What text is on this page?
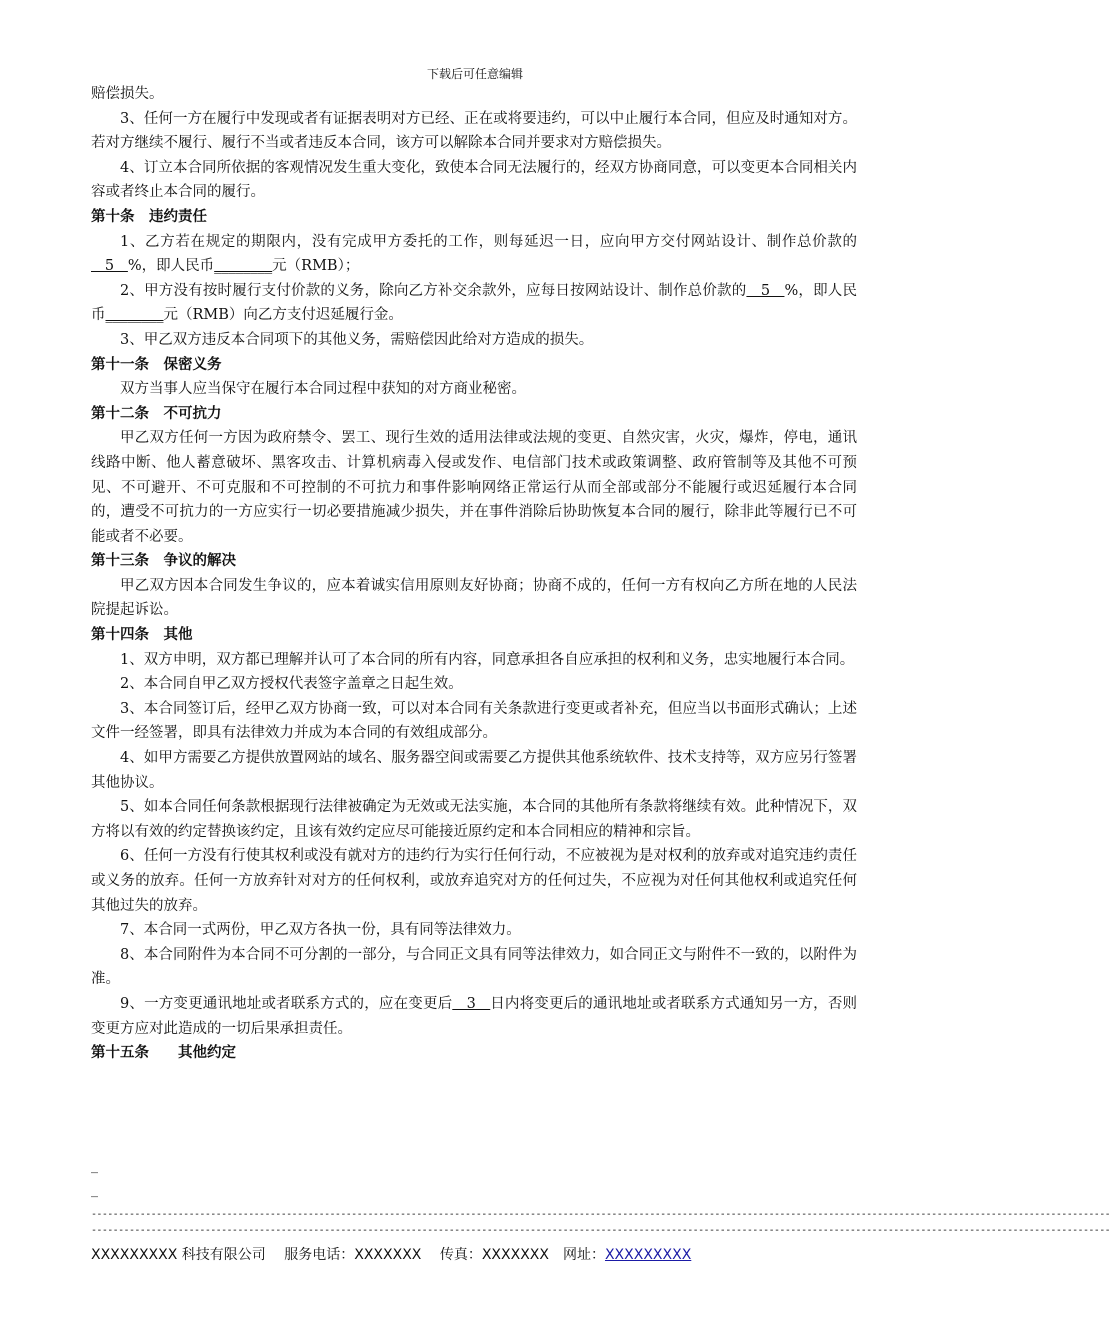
下载后可任意编辑

赔偿损失。

3、任何一方在履行中发现或者有证据表明对方已经、正在或将要违约，可以中止履行本合同，但应及时通知对方。若对方继续不履行、履行不当或者违反本合同，该方可以解除本合同并要求对方赔偿损失。

4、订立本合同所依据的客观情况发生重大变化，致使本合同无法履行的，经双方协商同意，可以变更本合同相关内容或者终止本合同的履行。

第十条　违约责任

1、乙方若在规定的期限内，没有完成甲方委托的工作，则每延迟一日，应向甲方交付网站设计、制作总价款的   5   %，即人民币________元（RMB）；

2、甲方没有按时履行支付价款的义务，除向乙方补交余款外，应每日按网站设计、制作总价款的   5   %，即人民币________元（RMB）向乙方支付迟延履行金。

3、甲乙双方违反本合同项下的其他义务，需赔偿因此给对方造成的损失。

第十一条　保密义务

双方当事人应当保守在履行本合同过程中获知的对方商业秘密。

第十二条　不可抗力

甲乙双方任何一方因为政府禁令、罢工、现行生效的适用法律或法规的变更、自然灾害，火灾，爆炸，停电，通讯线路中断、他人蓄意破坏、黑客攻击、计算机病毒入侵或发作、电信部门技术或政策调整、政府管制等及其他不可预见、不可避开、不可克服和不可控制的不可抗力和事件影响网络正常运行从而全部或部分不能履行或迟延履行本合同的，遭受不可抗力的一方应实行一切必要措施减少损失，并在事件消除后协助恢复本合同的履行，除非此等履行已不可能或者不必要。

第十三条　争议的解决

甲乙双方因本合同发生争议的，应本着诚实信用原则友好协商；协商不成的，任何一方有权向乙方所在地的人民法院提起诉讼。

第十四条　其他

1、双方申明，双方都已理解并认可了本合同的所有内容，同意承担各自应承担的权利和义务，忠实地履行本合同。

2、本合同自甲乙双方授权代表签字盖章之日起生效。

3、本合同签订后，经甲乙双方协商一致，可以对本合同有关条款进行变更或者补充，但应当以书面形式确认；上述文件一经签署，即具有法律效力并成为本合同的有效组成部分。

4、如甲方需要乙方提供放置网站的域名、服务器空间或需要乙方提供其他系统软件、技术支持等，双方应另行签署其他协议。

5、如本合同任何条款根据现行法律被确定为无效或无法实施，本合同的其他所有条款将继续有效。此种情况下，双方将以有效的约定替换该约定，且该有效约定应尽可能接近原约定和本合同相应的精神和宗旨。

6、任何一方没有行使其权利或没有就对方的违约行为实行任何行动，不应被视为是对权利的放弃或对追究违约责任或义务的放弃。任何一方放弃针对对方的任何权利，或放弃追究对方的任何过失，不应视为对任何其他权利或追究任何其他过失的放弃。

7、本合同一式两份，甲乙双方各执一份，具有同等法律效力。

8、本合同附件为本合同不可分割的一部分，与合同正文具有同等法律效力，如合同正文与附件不一致的，以附件为准。

9、一方变更通讯地址或者联系方式的，应在变更后   3   日内将变更后的通讯地址或者联系方式通知另一方，否则变更方应对此造成的一切后果承担责任。

第十五条　　其他约定

_
_
--------------------------------------------------------------------------------------------------------------------------------------------------------------------------------------------
--------------------------------------------------------------------------------------------------------------------------------------------------------------------------------------------
XXXXXXXXX 科技有限公司 服务电话：XXXXXXX 传真：XXXXXXX 网址：XXXXXXXXX
